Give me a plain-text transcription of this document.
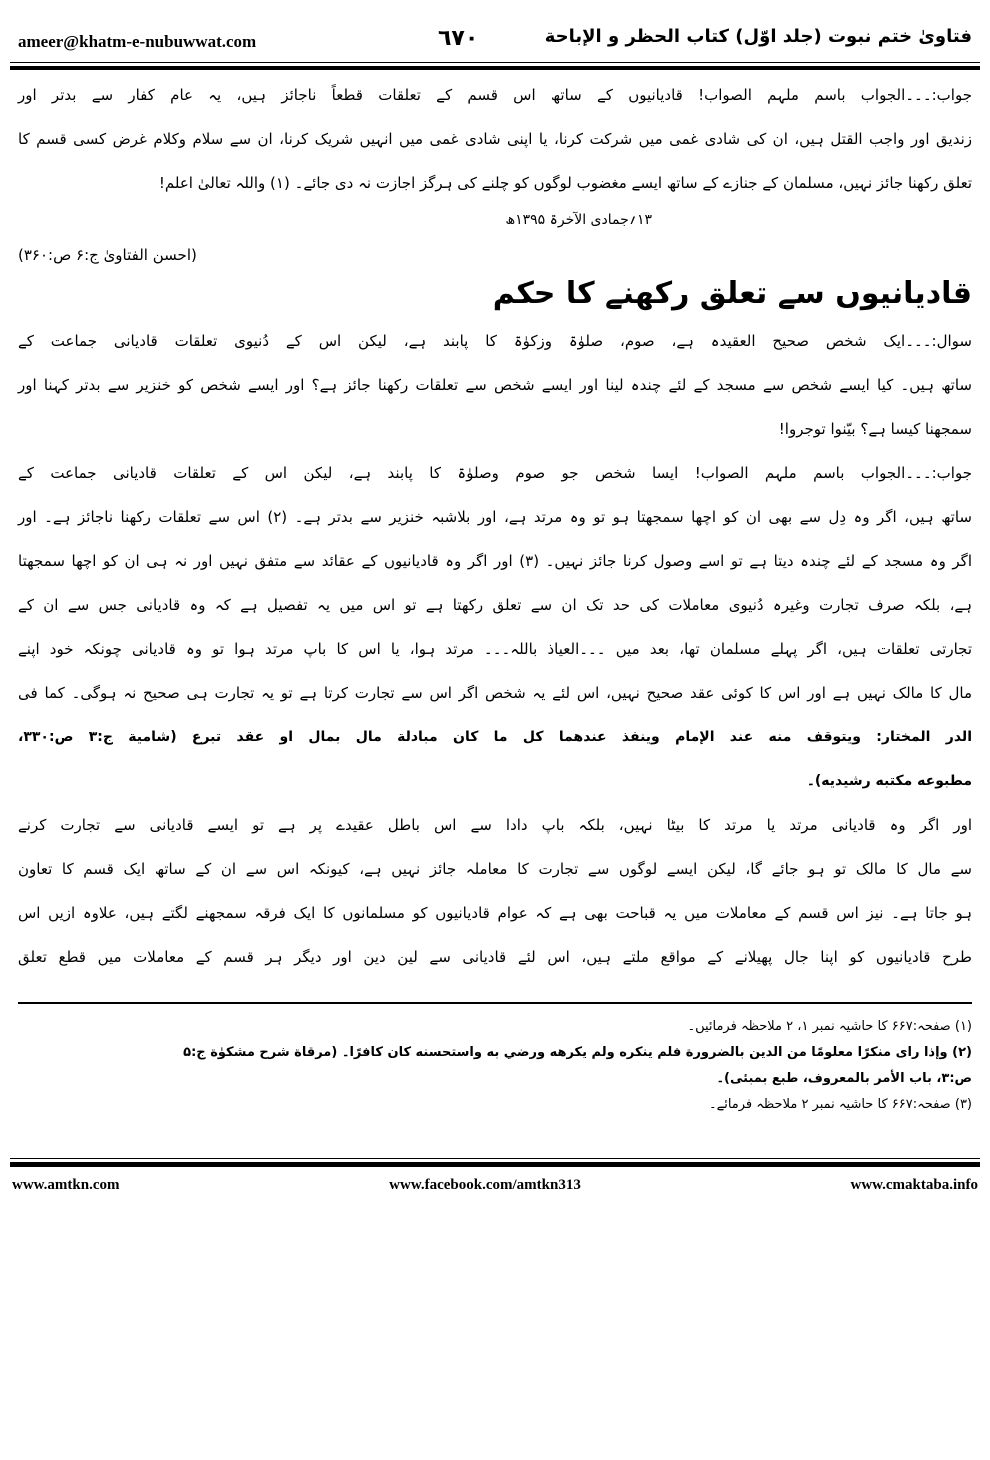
ameer@khatm-e-nubuwwat.com	٦٧٠	فتاویٰ ختم نبوت (جلد اوّل) کتاب الحظر و الإباحة
جواب:۔۔۔الجواب باسم ملہم الصواب! قادیانیوں کے ساتھ اس قسم کے تعلقات قطعاً ناجائز ہیں، یہ عام کفار سے بدتر اور
زندیق اور واجب القتل ہیں، ان کی شادی غمی میں شرکت کرنا، یا اپنی شادی غمی میں انہیں شریک کرنا، ان سے سلام وکلام غرض کسی قسم کا
تعلق رکھنا جائز نہیں، مسلمان کے جنازے کے ساتھ ایسے مغضوب لوگوں کو چلنے کی ہرگز اجازت نہ دی جائے۔ (۱) واللہ تعالیٰ اعلم!
۱۳؍جمادی الآخرۃ ۱۳۹۵ھ
(احسن الفتاویٰ ج:۶ ص:۳۶۰)
قادیانیوں سے تعلق رکھنے کا حکم
سوال:۔۔۔ایک شخص صحیح العقیدہ ہے، صوم، صلوٰۃ وزکوٰۃ کا پابند ہے، لیکن اس کے دُنیوی تعلقات قادیانی جماعت کے
ساتھ ہیں۔ کیا ایسے شخص سے مسجد کے لئے چندہ لینا اور ایسے شخص سے تعلقات رکھنا جائز ہے؟ اور ایسے شخص کو خنزیر سے بدتر کہنا اور
سمجھنا کیسا ہے؟ بیّنوا توجروا!
جواب:۔۔۔الجواب باسم ملہم الصواب! ایسا شخص جو صوم وصلوٰۃ کا پابند ہے، لیکن اس کے تعلقات قادیانی جماعت کے
ساتھ ہیں، اگر وہ دِل سے بھی ان کو اچھا سمجھتا ہو تو وہ مرتد ہے، اور بلاشبہ خنزیر سے بدتر ہے۔ (۲) اس سے تعلقات رکھنا ناجائز ہے۔ اور
اگر وہ مسجد کے لئے چندہ دیتا ہے تو اسے وصول کرنا جائز نہیں۔ (۳) اور اگر وہ قادیانیوں کے عقائد سے متفق نہیں اور نہ ہی ان کو اچھا سمجھتا
ہے، بلکہ صرف تجارت وغیرہ دُنیوی معاملات کی حد تک ان سے تعلق رکھتا ہے تو اس میں یہ تفصیل ہے کہ وہ قادیانی جس سے ان کے
تجارتی تعلقات ہیں، اگر پہلے مسلمان تھا، بعد میں ۔۔۔العیاذ باللہ۔۔۔ مرتد ہوا، یا اس کا باپ مرتد ہوا تو وہ قادیانی چونکہ خود اپنے
مال کا مالک نہیں ہے اور اس کا کوئی عقد صحیح نہیں، اس لئے یہ شخص اگر اس سے تجارت کرتا ہے تو یہ تجارت ہی صحیح نہ ہوگی۔ کما فی
الدر المختار: ویتوقف منه عند الإمام وینفذ عندھما کل ما کان مبادلة مال بمال او عقد تبرع (شامیة ج:۳ ص:۳۳۰،
مطبوعه مکتبه رشیدیه)۔
اور اگر وہ قادیانی مرتد یا مرتد کا بیٹا نہیں، بلکہ باپ دادا سے اس باطل عقیدے پر ہے تو ایسے قادیانی سے تجارت کرنے
سے مال کا مالک تو ہو جائے گا، لیکن ایسے لوگوں سے تجارت کا معاملہ جائز نہیں ہے، کیونکہ اس سے ان کے ساتھ ایک قسم کا تعاون
ہو جاتا ہے۔ نیز اس قسم کے معاملات میں یہ قباحت بھی ہے کہ عوام قادیانیوں کو مسلمانوں کا ایک فرقہ سمجھنے لگتے ہیں، علاوہ ازیں اس
طرح قادیانیوں کو اپنا جال پھیلانے کے مواقع ملتے ہیں، اس لئے قادیانی سے لین دین اور دیگر ہر قسم کے معاملات میں قطع تعلق
(۱) صفحہ:۶۶۷ کا حاشیہ نمبر ۱، ۲ ملاحظہ فرمائیں۔
(۲) وإذا رای منكرًا معلومًا من الدين بالضرورة فلم ينكره ولم يكرهه ورضي به واستحسنه كان كافرًا۔ (مرقاة شرح مشكوٰة ج:۵
ص:۳، باب الأمر بالمعروف، طبع بمبئی)۔
(۳) صفحہ:۶۶۷ کا حاشیہ نمبر ۲ ملاحظہ فرمائے۔
www.amtkn.com	www.facebook.com/amtkn313	www.cmaktaba.info
